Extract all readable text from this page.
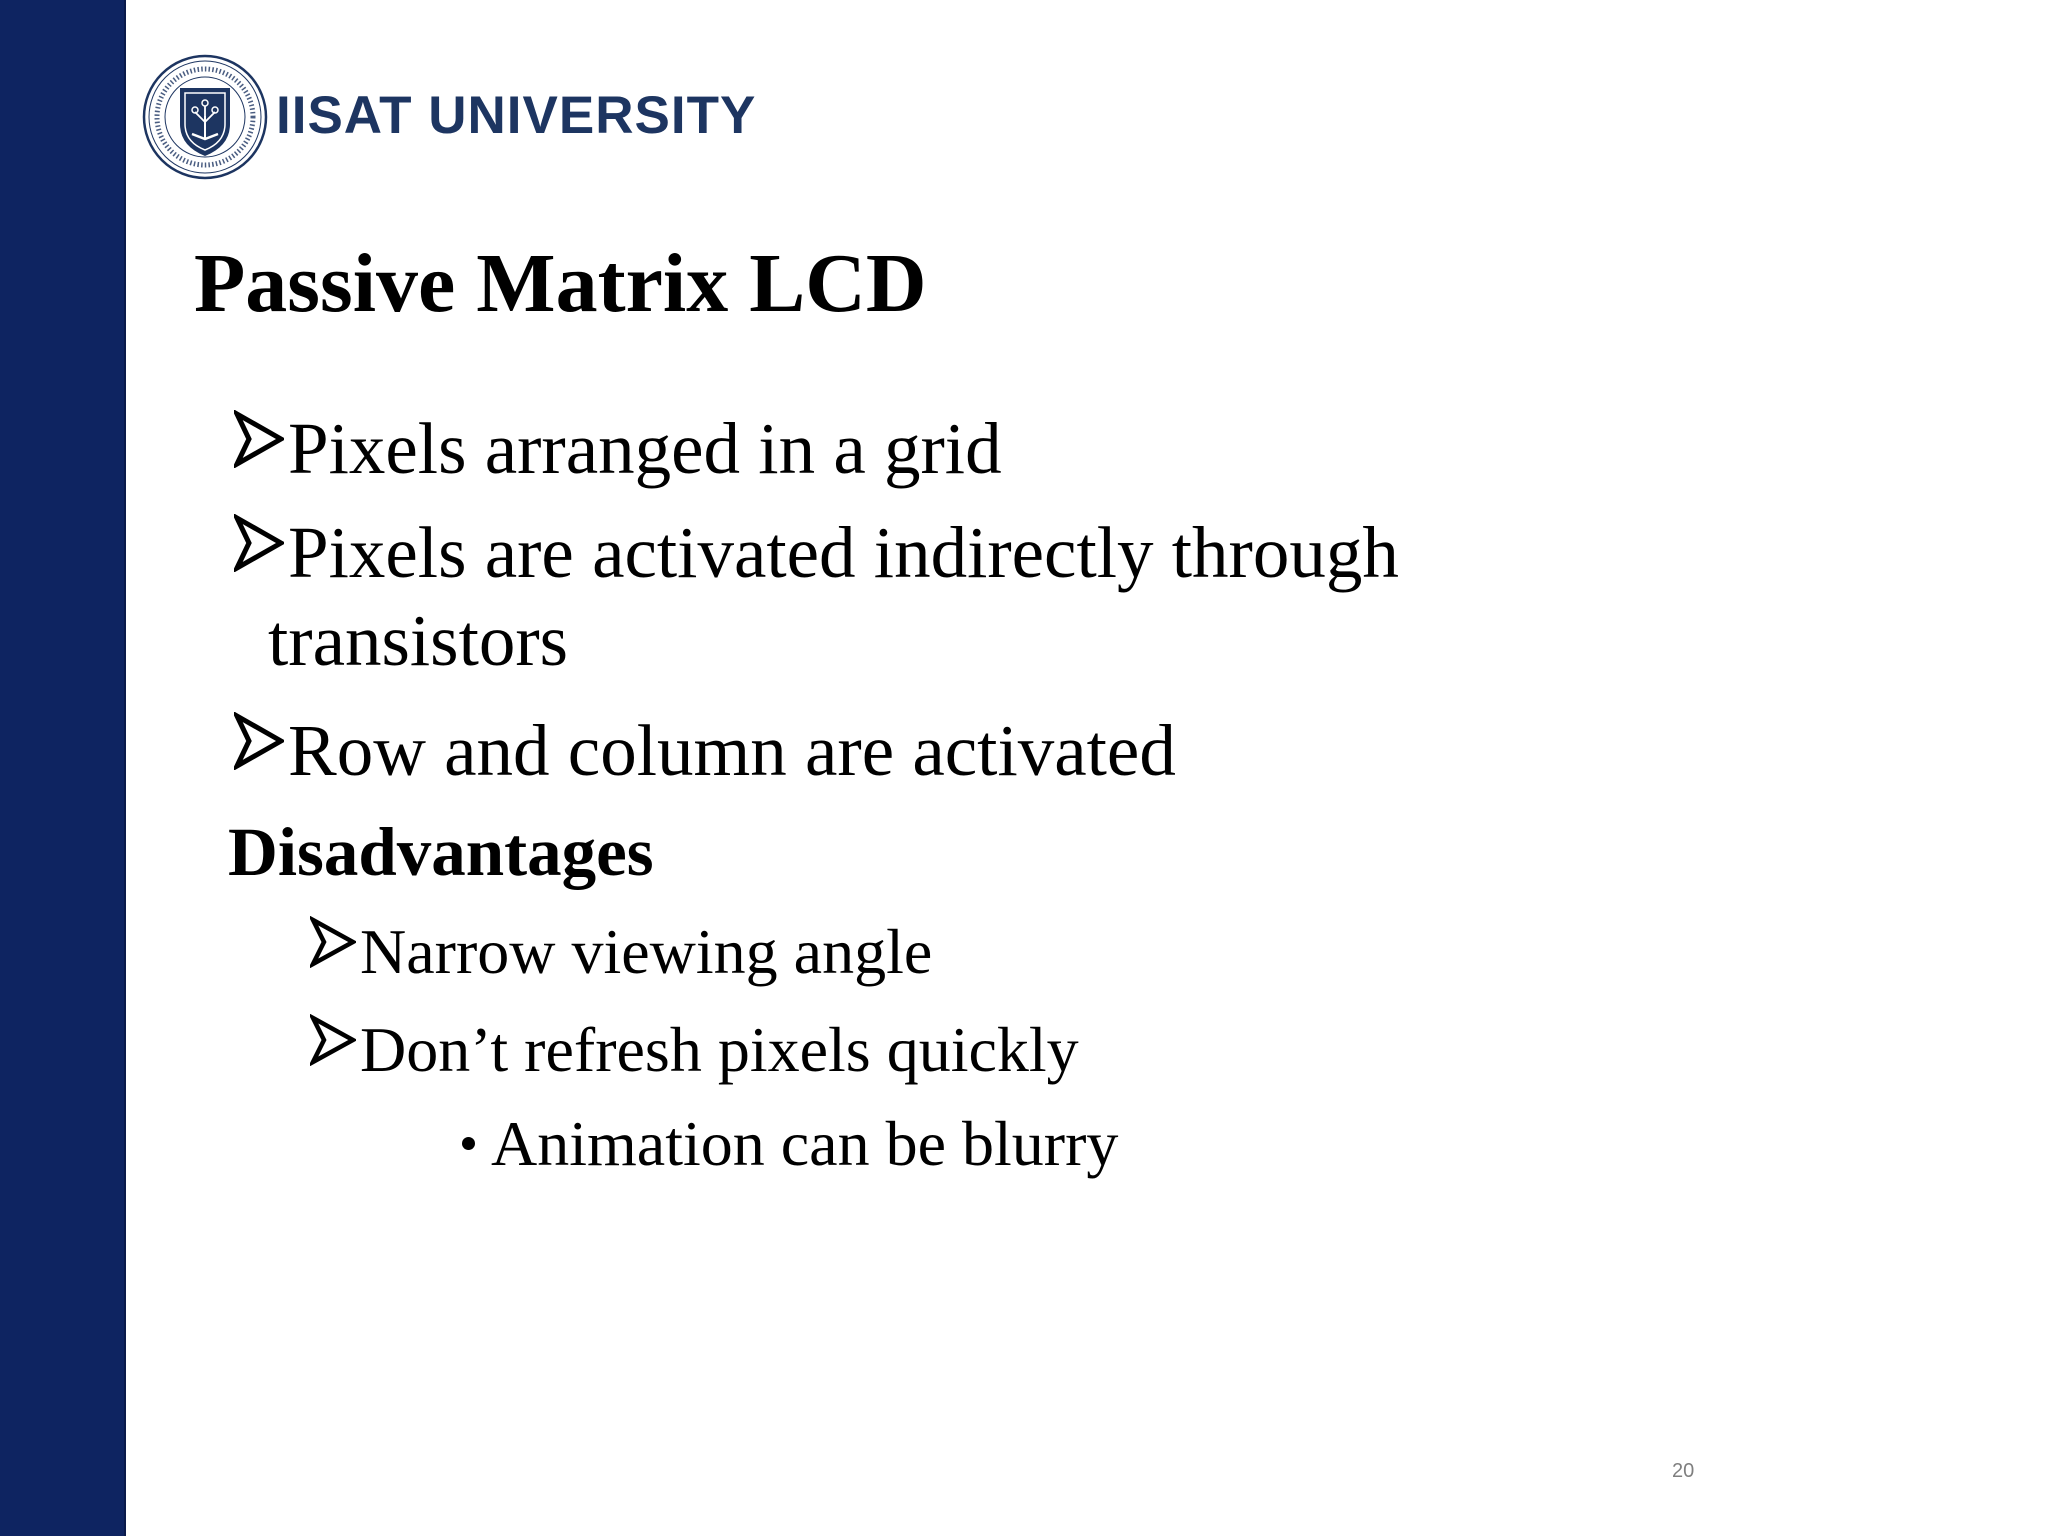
IISAT UNIVERSITY
Passive Matrix LCD
Pixels arranged in a grid
Pixels are activated indirectly through
transistors
Row and column are activated
Disadvantages
Narrow viewing angle
Don’t refresh pixels quickly
Animation can be blurry
20
